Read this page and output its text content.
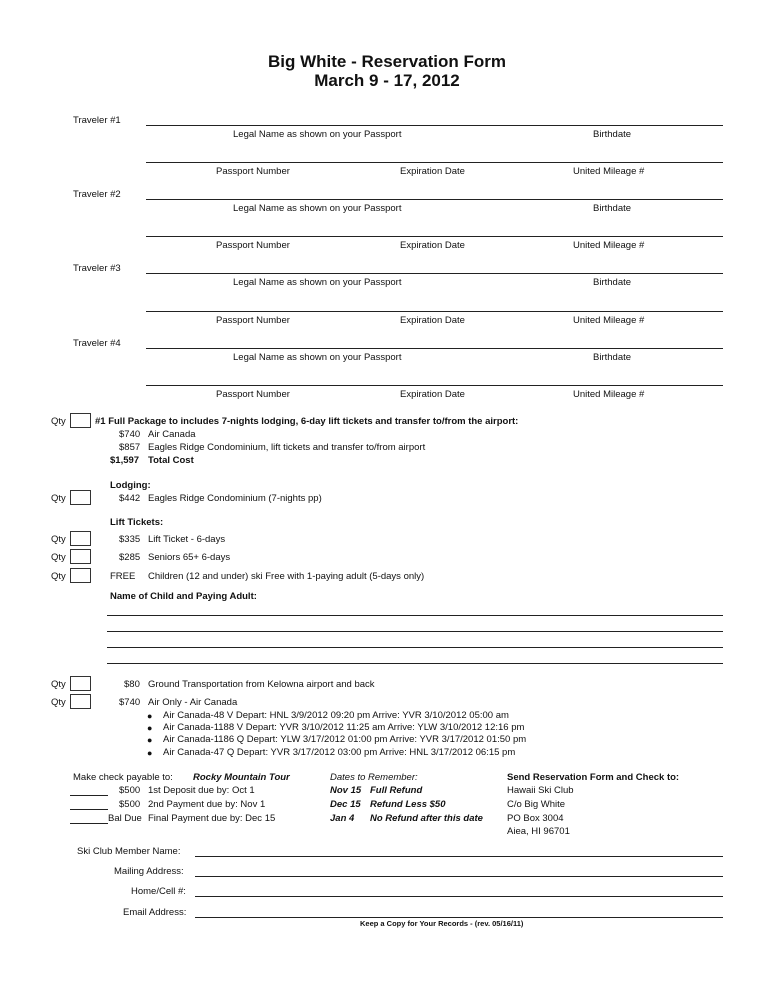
Big White - Reservation Form
March 9 - 17, 2012
Traveler #1
Legal Name as shown on your Passport	Birthdate
Passport Number	Expiration Date	United Mileage #
Traveler #2
Legal Name as shown on your Passport	Birthdate
Passport Number	Expiration Date	United Mileage #
Traveler #3
Legal Name as shown on your Passport	Birthdate
Passport Number	Expiration Date	United Mileage #
Traveler #4
Legal Name as shown on your Passport	Birthdate
Passport Number	Expiration Date	United Mileage #
Qty	#1 Full Package to includes 7-nights lodging, 6-day lift tickets and transfer to/from the airport:
$740 Air Canada
$857 Eagles Ridge Condominium, lift tickets and transfer to/from airport
$1,597 Total Cost
Lodging:
Qty	$442 Eagles Ridge Condominium (7-nights pp)
Lift Tickets:
Qty	$335 Lift Ticket - 6-days
Qty	$285 Seniors 65+ 6-days
Qty	FREE Children (12 and under) ski Free with 1-paying adult (5-days only)
Name of Child and Paying Adult:
Qty	$80 Ground Transportation from Kelowna airport and back
Qty	$740 Air Only - Air Canada
● Air Canada-48 V Depart: HNL 3/9/2012 09:20 pm Arrive: YVR 3/10/2012 05:00 am
● Air Canada-1188 V Depart: YVR 3/10/2012 11:25 am Arrive: YLW 3/10/2012 12:16 pm
● Air Canada-1186 Q Depart: YLW 3/17/2012 01:00 pm Arrive: YVR 3/17/2012 01:50 pm
● Air Canada-47 Q Depart: YVR 3/17/2012 03:00 pm Arrive: HNL 3/17/2012 06:15 pm
Make check payable to: Rocky Mountain Tour
$500 1st Deposit due by: Oct 1
$500 2nd Payment due by: Nov 1
Bal Due Final Payment due by: Dec 15
Dates to Remember:
Nov 15 Full Refund
Dec 15 Refund Less $50
Jan 4 No Refund after this date
Send Reservation Form and Check to:
Hawaii Ski Club
C/o Big White
PO Box 3004
Aiea, HI 96701
Ski Club Member Name:
Mailing Address:
Home/Cell #:
Email Address:
Keep a Copy for Your Records - (rev. 05/16/11)
